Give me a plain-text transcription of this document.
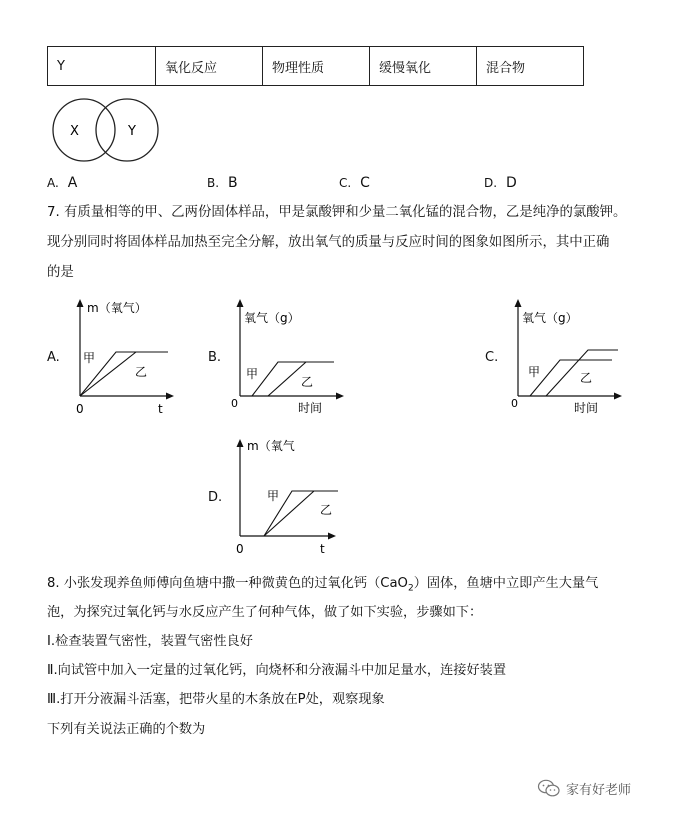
Y	氧化反应	物理性质	缓慢氧化	混合物
X	Y
A. A	B. B	C. C	D. D
7. 有质量相等的甲、乙两份固体样品，甲是氯酸钾和少量二氧化锰的混合物，乙是纯净的氯酸钾。
现分别同时将固体样品加热至完全分解，放出氧气的质量与反应时间的图象如图所示，其中正确
的是
A.
m（氧气）
0	t
甲
乙
B.
氧气（g）
0	时间
甲
乙
C.
氧气（g）
0	时间
甲	乙
D.
m（氧气
0	t
甲
乙
8. 小张发现养鱼师傅向鱼塘中撒一种微黄色的过氧化钙（CaO$_2$）固体，鱼塘中立即产生大量气
泡，为探究过氧化钙与水反应产生了何种气体，做了如下实验，步骤如下：
Ⅰ.检查装置气密性，装置气密性良好
Ⅱ.向试管中加入一定量的过氧化钙，向烧杯和分液漏斗中加足量水，连接好装置
Ⅲ.打开分液漏斗活塞，把带火星的木条放在P处，观察现象
下列有关说法正确的个数为
家有好老师
